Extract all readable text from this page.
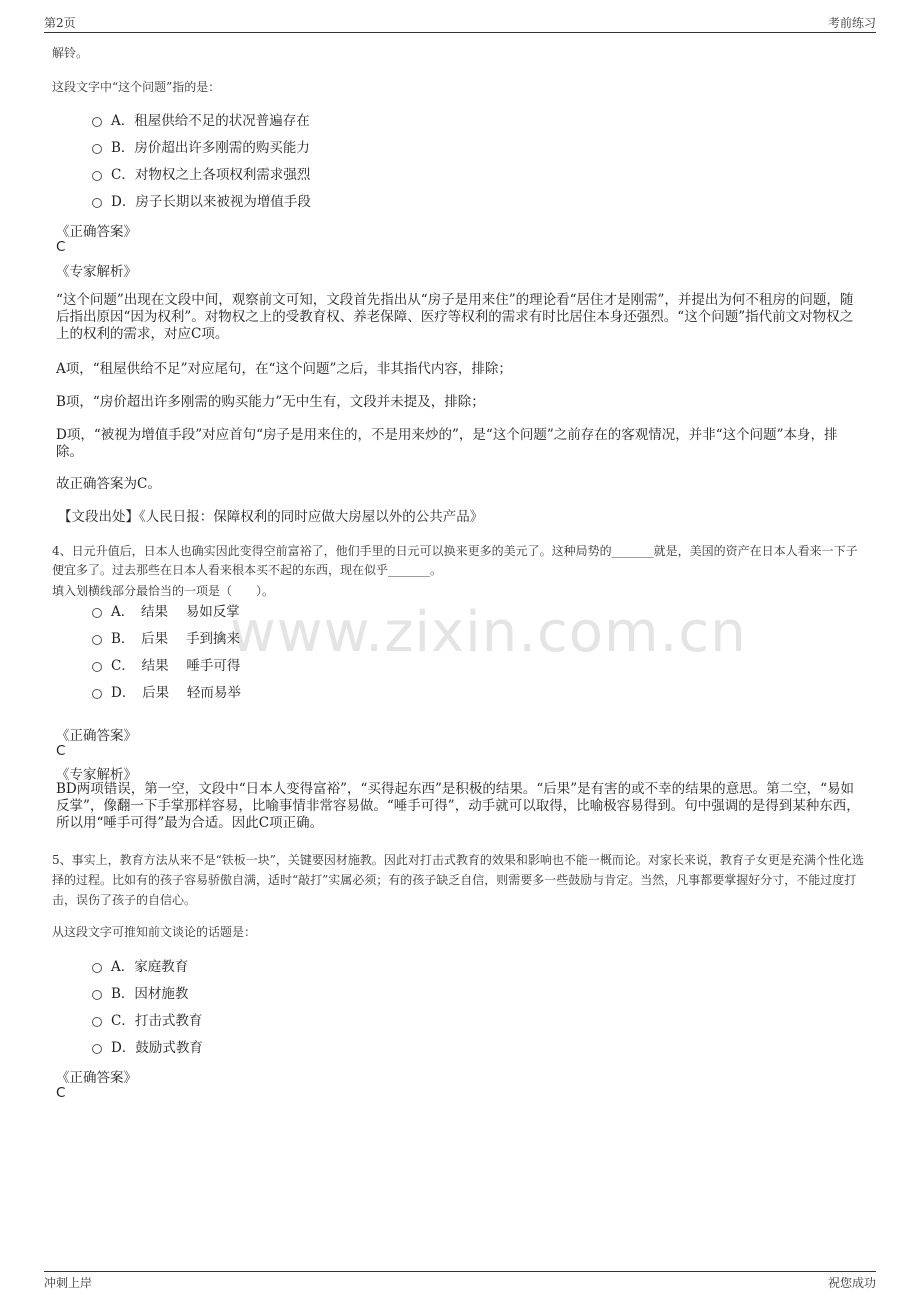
第2页	考前练习
www.zixin.com.cn
解铃。
这段文字中“这个问题”指的是：
A．租屋供给不足的状况普遍存在
B．房价超出许多刚需的购买能力
C．对物权之上各项权利需求强烈
D．房子长期以来被视为增值手段
《正确答案》
C
《专家解析》
“这个问题”出现在文段中间，观察前文可知，文段首先指出从“房子是用来住”的理论看“居住才是刚需”，并提出为何不租房的问题，随后指出原因“因为权利”。对物权之上的受教育权、养老保障、医疗等权利的需求有时比居住本身还强烈。“这个问题”指代前文对物权之上的权利的需求，对应C项。
A项，“租屋供给不足”对应尾句，在“这个问题”之后，非其指代内容，排除；
B项，“房价超出许多刚需的购买能力”无中生有，文段并未提及，排除；
D项，“被视为增值手段”对应首句“房子是用来住的，不是用来炒的”，是“这个问题”之前存在的客观情况，并非“这个问题”本身，排除。
故正确答案为C。
【文段出处】《人民日报：保障权利的同时应做大房屋以外的公共产品》
4、日元升值后，日本人也确实因此变得空前富裕了，他们手里的日元可以换来更多的美元了。这种局势的_______就是，美国的资产在日本人看来一下子便宜多了。过去那些在日本人看来根本买不起的东西，现在似乎_______。
填入划横线部分最恰当的一项是（　　）。
A．　结果　 易如反掌
B．　后果　 手到擒来
C．　结果　 唾手可得
D．　后果　 轻而易举
《正确答案》
C
《专家解析》
BD两项错误，第一空，文段中“日本人变得富裕”，“买得起东西”是积极的结果。“后果”是有害的或不幸的结果的意思。第二空，“易如反掌”，像翻一下手掌那样容易，比喻事情非常容易做。“唾手可得”，动手就可以取得，比喻极容易得到。句中强调的是得到某种东西，所以用“唾手可得”最为合适。因此C项正确。
5、事实上，教育方法从来不是“铁板一块”，关键要因材施教。因此对打击式教育的效果和影响也不能一概而论。对家长来说，教育子女更是充满个性化选择的过程。比如有的孩子容易骄傲自满，适时“敲打”实属必须；有的孩子缺乏自信，则需要多一些鼓励与肯定。当然，凡事都要掌握好分寸，不能过度打击，误伤了孩子的自信心。
从这段文字可推知前文谈论的话题是：
A．家庭教育
B．因材施教
C．打击式教育
D．鼓励式教育
《正确答案》
C
冲刺上岸	祝您成功
